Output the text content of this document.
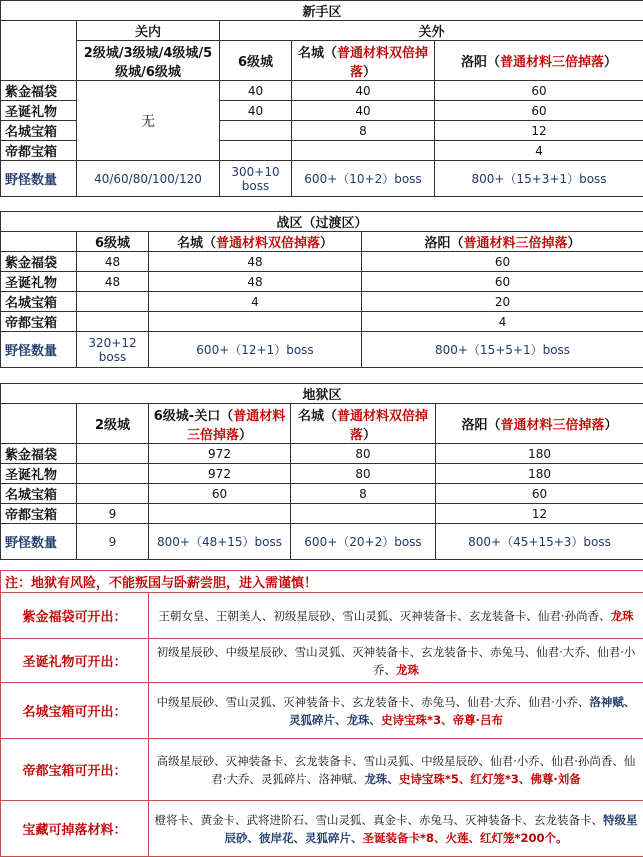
新手区				
	关内	关外		
	2级城/3级城/4级城/5级城/6级城	6级城	名城（普通材料双倍掉落）	洛阳（普通材料三倍掉落）
紫金福袋	无	40	40	60
圣诞礼物		40	40	60
名城宝箱			8	12
帝都宝箱				4
野怪数量	40/60/80/100/120	300+10 boss	600+（10+2）boss	800+（15+3+1）boss
战区（过渡区）			
	6级城	名城（普通材料双倍掉落）	洛阳（普通材料三倍掉落）
紫金福袋	48	48	60
圣诞礼物	48	48	60
名城宝箱		4	20
帝都宝箱			4
野怪数量	320+12 boss	600+（12+1）boss	800+（15+5+1）boss
地狱区				
	2级城	6级城-关口（普通材料三倍掉落）	名城（普通材料双倍掉落）	洛阳（普通材料三倍掉落）
紫金福袋		972	80	180
圣诞礼物		972	80	180
名城宝箱		60	8	60
帝都宝箱	9			12
野怪数量	9	800+（48+15）boss	600+（20+2）boss	800+（45+15+3）boss
注：地狱有风险，不能叛国与卧薪尝胆，进入需谨慎！	
紫金福袋可开出：	王朝女皇、王朝美人、初级星辰砂、雪山灵狐、灭神装备卡、玄龙装备卡、仙君·孙尚香、龙珠
圣诞礼物可开出：	初级星辰砂、中级星辰砂、雪山灵狐、灭神装备卡、玄龙装备卡、赤兔马、仙君·大乔、仙君·小乔、龙珠
名城宝箱可开出：	中级星辰砂、雪山灵狐、灭神装备卡、玄龙装备卡、赤兔马、仙君·大乔、仙君·小乔、洛神赋、灵狐碎片、龙珠、史诗宝珠*3、帝尊·吕布
帝都宝箱可开出：	高级星辰砂、灭神装备卡、玄龙装备卡、雪山灵狐、中级星辰砂、仙君·小乔、仙君·孙尚香、仙君·大乔、灵狐碎片、洛神赋、龙珠、史诗宝珠*5、红灯笼*3、佛尊·刘备
宝藏可掉落材料：	橙将卡、黄金卡、武将进阶石、雪山灵狐、真金卡、赤兔马、灭神装备卡、玄龙装备卡、特级星辰砂、彼岸花、灵狐碎片、圣诞装备卡*8、火莲、红灯笼*200个。
